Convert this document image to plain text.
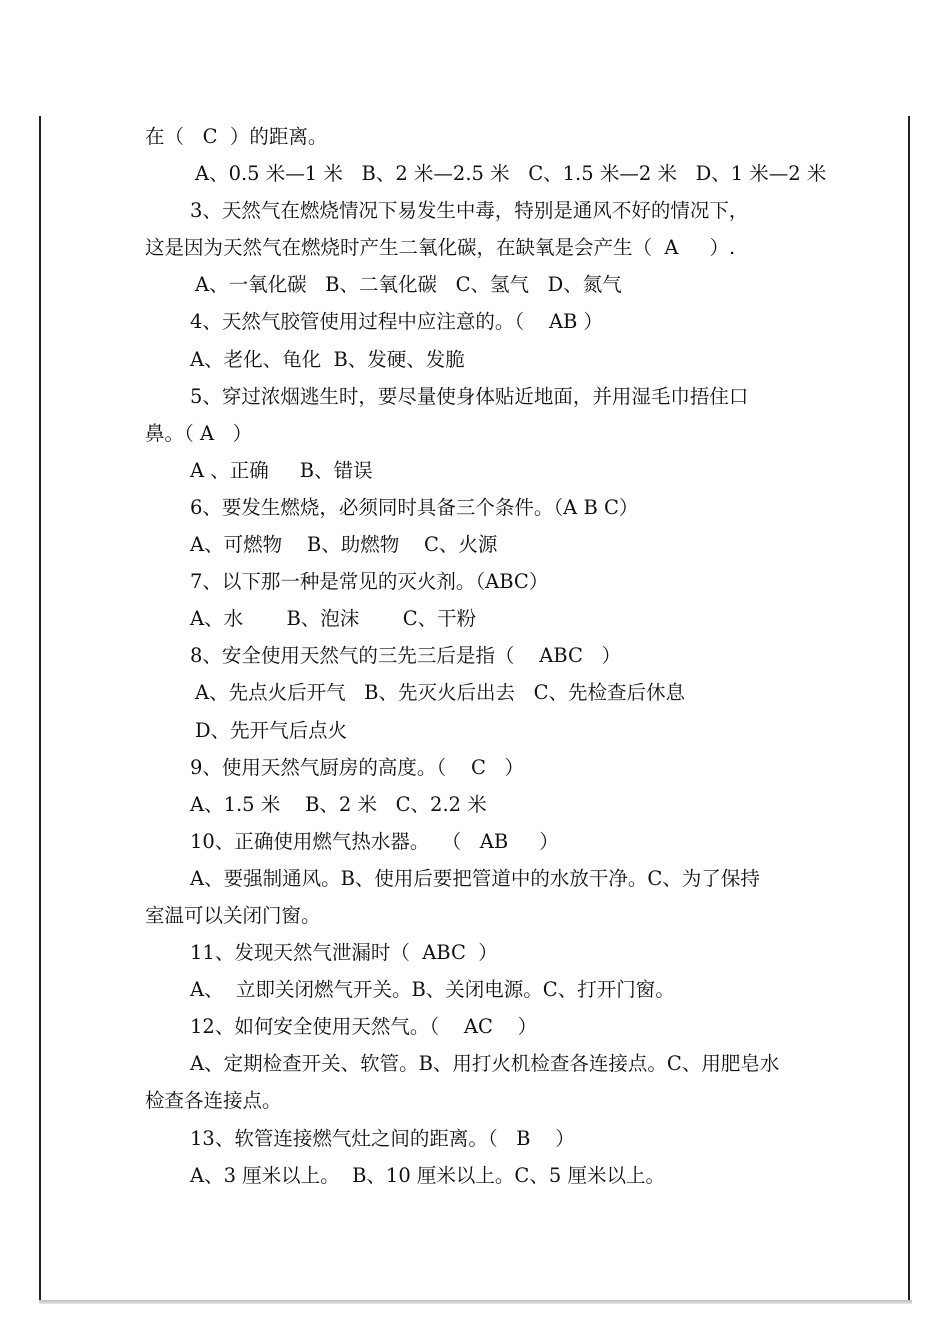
在（   C  ）的距离。
A、0.5 米—1 米   B、2 米—2.5 米   C、1.5 米—2 米   D、1 米—2 米
3、天然气在燃烧情况下易发生中毒，特别是通风不好的情况下，
这是因为天然气在燃烧时产生二氧化碳，在缺氧是会产生（  A     ）.
A、一氧化碳   B、二氧化碳   C、氢气   D、氮气
4、天然气胶管使用过程中应注意的。（    AB ）
A、老化、龟化  B、发硬、发脆
5、穿过浓烟逃生时，要尽量使身体贴近地面，并用湿毛巾捂住口
鼻。（ A   ）
A 、正确     B、错误
6、要发生燃烧，必须同时具备三个条件。（A B C）
A、可燃物    B、助燃物    C、火源
7、以下那一种是常见的灭火剂。（ABC）
A、水       B、泡沫       C、干粉
8、安全使用天然气的三先三后是指（    ABC   ）
A、先点火后开气   B、先灭火后出去   C、先检查后休息
D、先开气后点火
9、使用天然气厨房的高度。（    C   ）
A、1.5 米    B、2 米   C、2.2 米
10、正确使用燃气热水器。  （   AB     ）
A、要强制通风。B、使用后要把管道中的水放干净。C、为了保持
室温可以关闭门窗。
11、发现天然气泄漏时（  ABC  ）
A、  立即关闭燃气开关。B、关闭电源。C、打开门窗。
12、如何安全使用天然气。（    AC    ）
A、定期检查开关、软管。B、用打火机检查各连接点。C、用肥皂水
检查各连接点。
13、软管连接燃气灶之间的距离。（   B    ）
A、3 厘米以上。  B、10 厘米以上。C、5 厘米以上。
